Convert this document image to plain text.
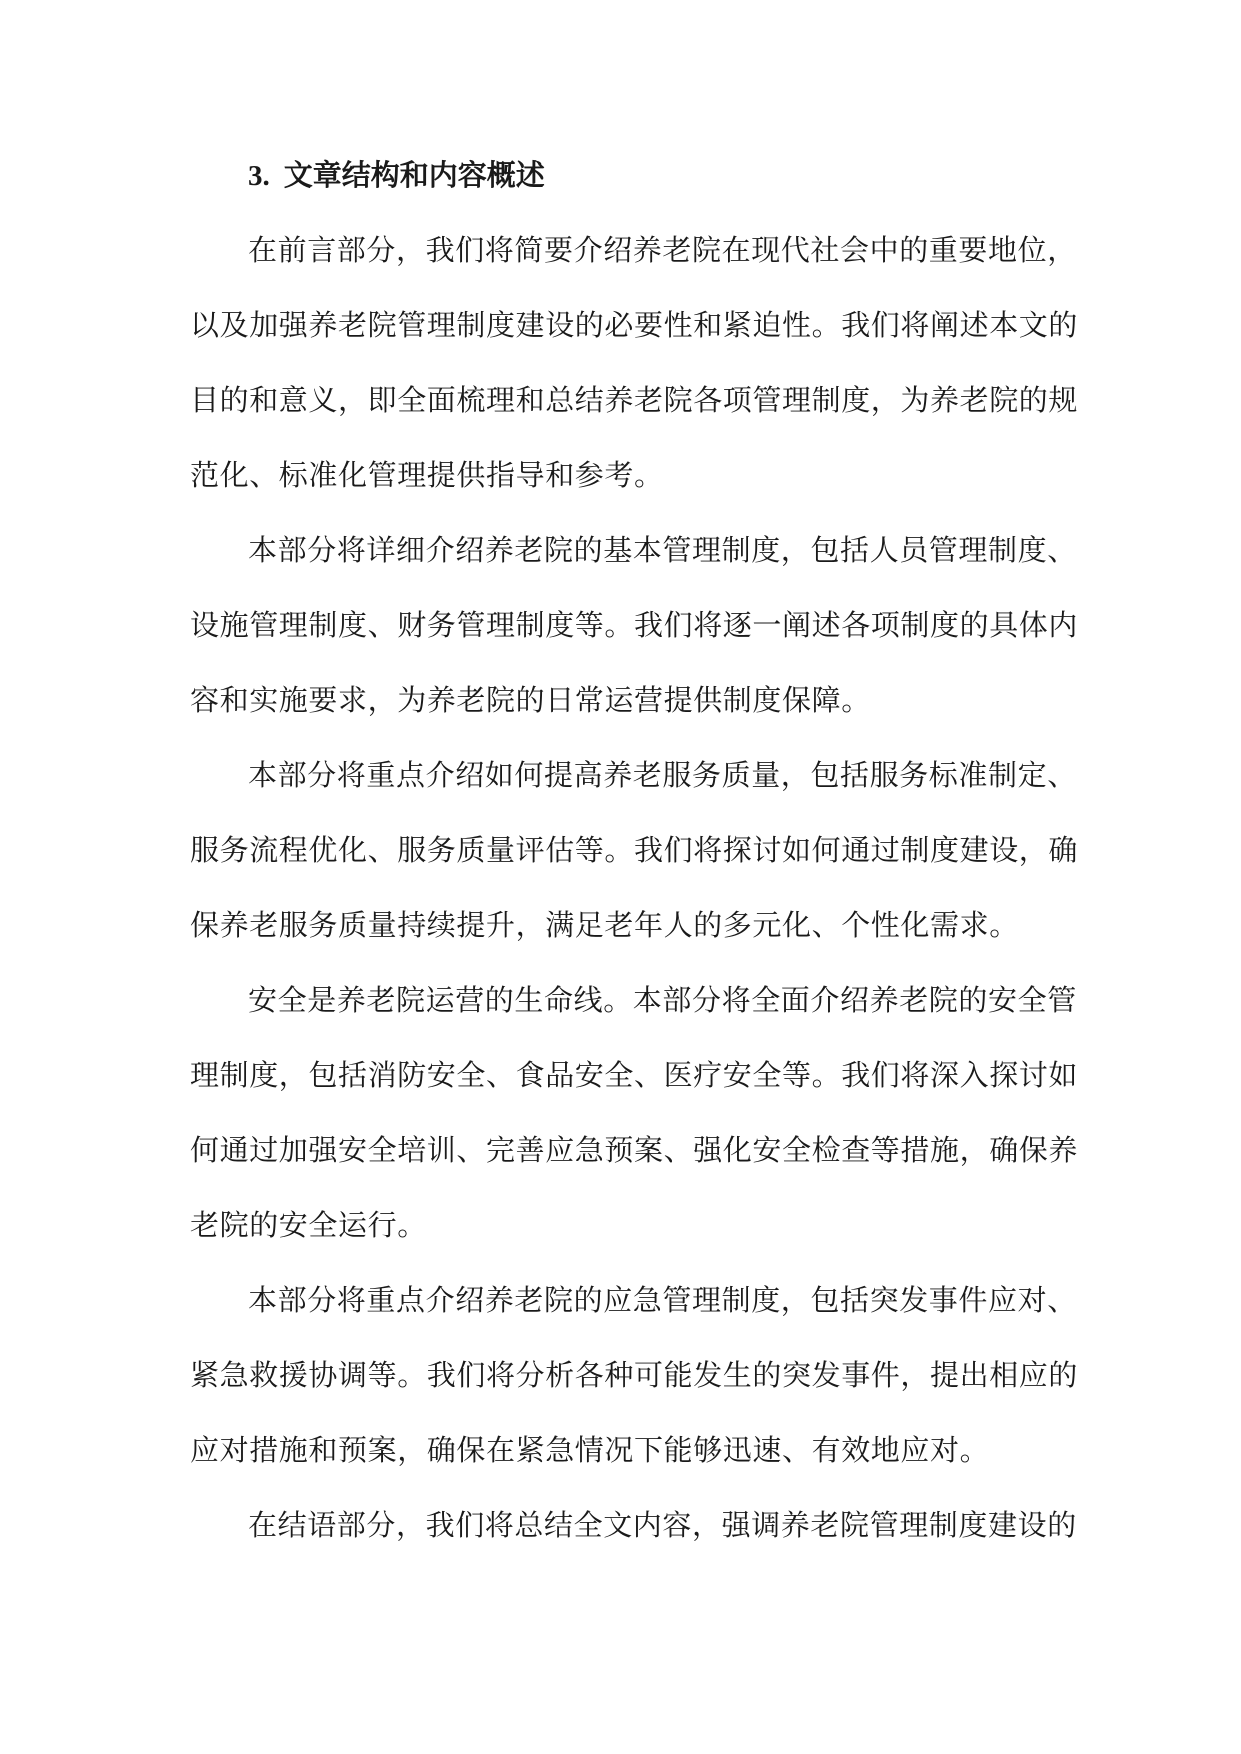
3. 文章结构和内容概述

在前言部分，我们将简要介绍养老院在现代社会中的重要地位，
以及加强养老院管理制度建设的必要性和紧迫性。我们将阐述本文的
目的和意义，即全面梳理和总结养老院各项管理制度，为养老院的规
范化、标准化管理提供指导和参考。

本部分将详细介绍养老院的基本管理制度，包括人员管理制度、
设施管理制度、财务管理制度等。我们将逐一阐述各项制度的具体内
容和实施要求，为养老院的日常运营提供制度保障。

本部分将重点介绍如何提高养老服务质量，包括服务标准制定、
服务流程优化、服务质量评估等。我们将探讨如何通过制度建设，确
保养老服务质量持续提升，满足老年人的多元化、个性化需求。

安全是养老院运营的生命线。本部分将全面介绍养老院的安全管
理制度，包括消防安全、食品安全、医疗安全等。我们将深入探讨如
何通过加强安全培训、完善应急预案、强化安全检查等措施，确保养
老院的安全运行。

本部分将重点介绍养老院的应急管理制度，包括突发事件应对、
紧急救援协调等。我们将分析各种可能发生的突发事件，提出相应的
应对措施和预案，确保在紧急情况下能够迅速、有效地应对。

在结语部分，我们将总结全文内容，强调养老院管理制度建设的
